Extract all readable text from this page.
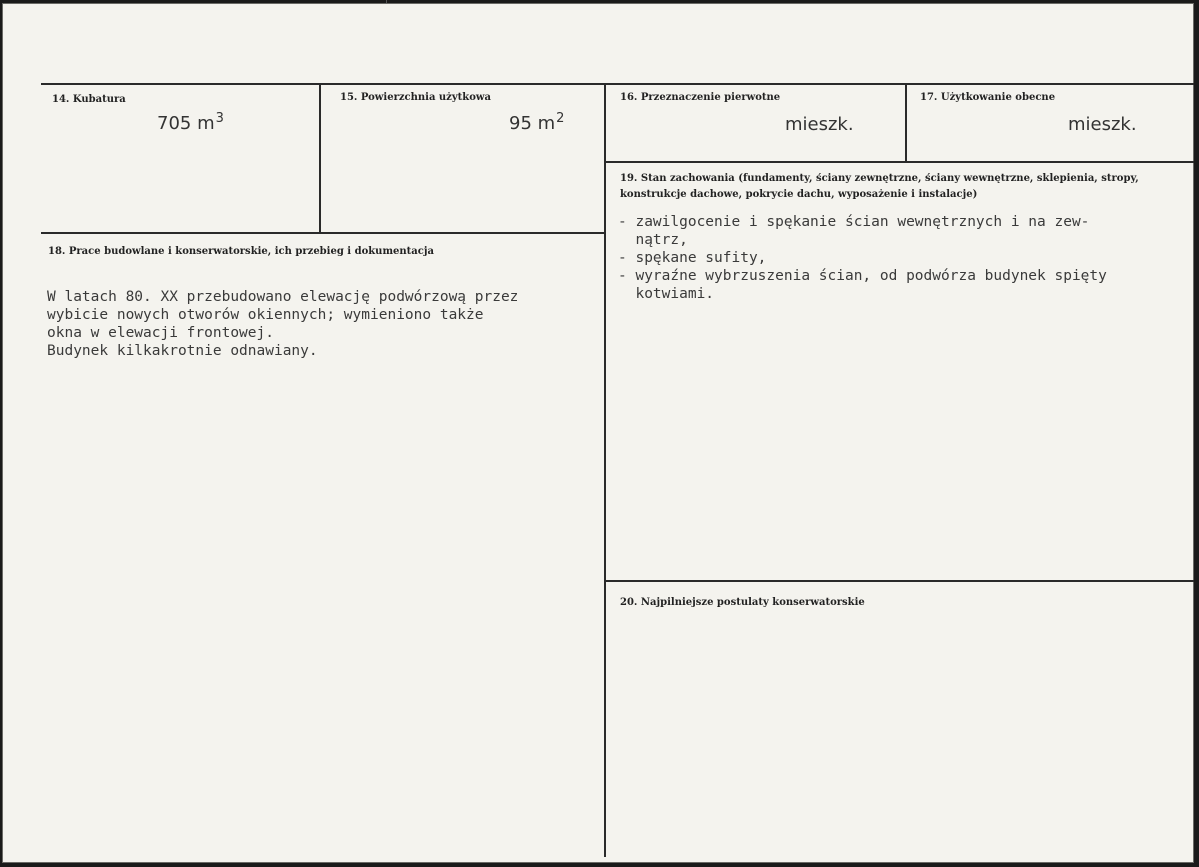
14. Kubatura
705 $m^3$
15. Powierzchnia użytkowa
95 $m^2$
16. Przeznaczenie pierwotne
mieszk.
17. Użytkowanie obecne
mieszk.
18. Prace budowlane i konserwatorskie, ich przebieg i dokumentacja
W latach 80. XX przebudowano elewację podwórzową przez
wybicie nowych otworów okiennych; wymieniono także
okna w elewacji frontowej.
Budynek kilkakrotnie odnawiany.
19. Stan zachowania (fundamenty, ściany zewnętrzne, ściany wewnętrzne, sklepienia, stropy, konstrukcje dachowe, pokrycie dachu, wyposażenie i instalacje)
- zawilgocenie i spękanie ścian wewnętrznych i na zew-
nątrz,
- spękane sufity,
- wyraźne wybrzuszenia ścian, od podwórza budynek spięty
kotwiami.
20. Najpilniejsze postulaty konserwatorskie
